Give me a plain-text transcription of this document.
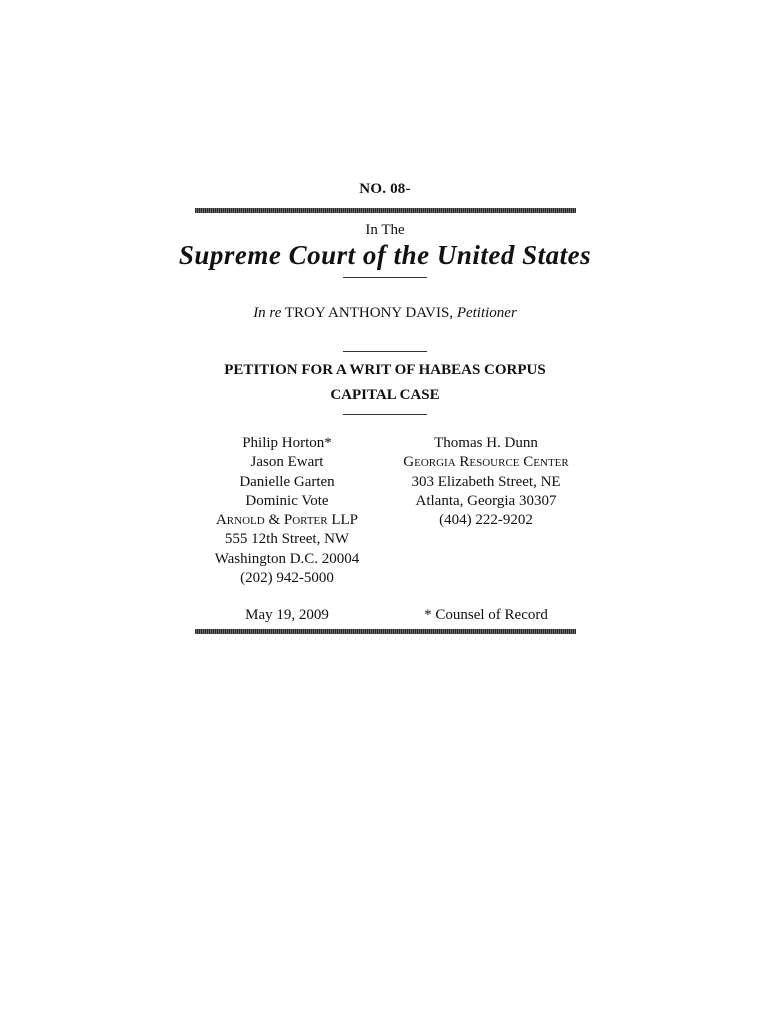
NO. 08-
In The
Supreme Court of the United States
In re TROY ANTHONY DAVIS, Petitioner
PETITION FOR A WRIT OF HABEAS CORPUS
CAPITAL CASE
Philip Horton*
Jason Ewart
Danielle Garten
Dominic Vote
Arnold & Porter LLP
555 12th Street, NW
Washington D.C. 20004
(202) 942-5000
Thomas H. Dunn
Georgia Resource Center
303 Elizabeth Street, NE
Atlanta, Georgia 30307
(404) 222-9202
May 19, 2009	* Counsel of Record
